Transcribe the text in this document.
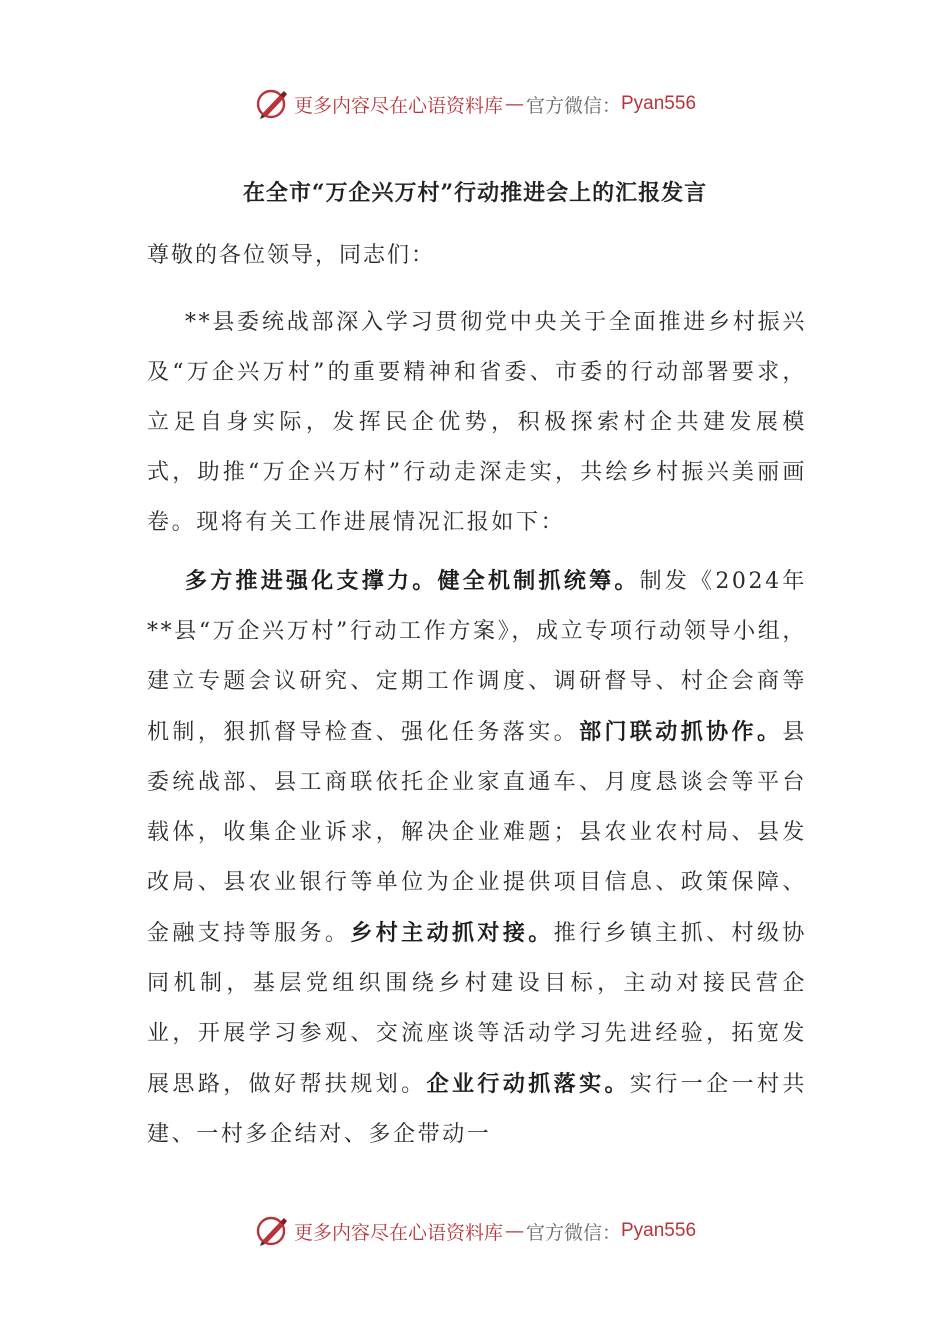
更多内容尽在心语资料库 — 官方微信： Pyan556
在全市“万企兴万村”行动推进会上的汇报发言
尊敬的各位领导，同志们：

**县委统战部深入学习贯彻党中央关于全面推进乡村振兴及“万企兴万村”的重要精神和省委、市委的行动部署要求，立足自身实际，发挥民企优势，积极探索村企共建发展模式，助推“万企兴万村”行动走深走实，共绘乡村振兴美丽画卷。现将有关工作进展情况汇报如下：

多方推进强化支撑力。健全机制抓统筹。制发《2024年**县“万企兴万村”行动工作方案》，成立专项行动领导小组，建立专题会议研究、定期工作调度、调研督导、村企会商等机制，狠抓督导检查、强化任务落实。部门联动抓协作。县委统战部、县工商联依托企业家直通车、月度恳谈会等平台载体，收集企业诉求，解决企业难题；县农业农村局、县发改局、县农业银行等单位为企业提供项目信息、政策保障、金融支持等服务。乡村主动抓对接。推行乡镇主抓、村级协同机制，基层党组织围绕乡村建设目标，主动对接民营企业，开展学习参观、交流座谈等活动学习先进经验，拓宽发展思路，做好帮扶规划。企业行动抓落实。实行一企一村共建、一村多企结对、多企带动一

更多内容尽在心语资料库 — 官方微信： Pyan556
